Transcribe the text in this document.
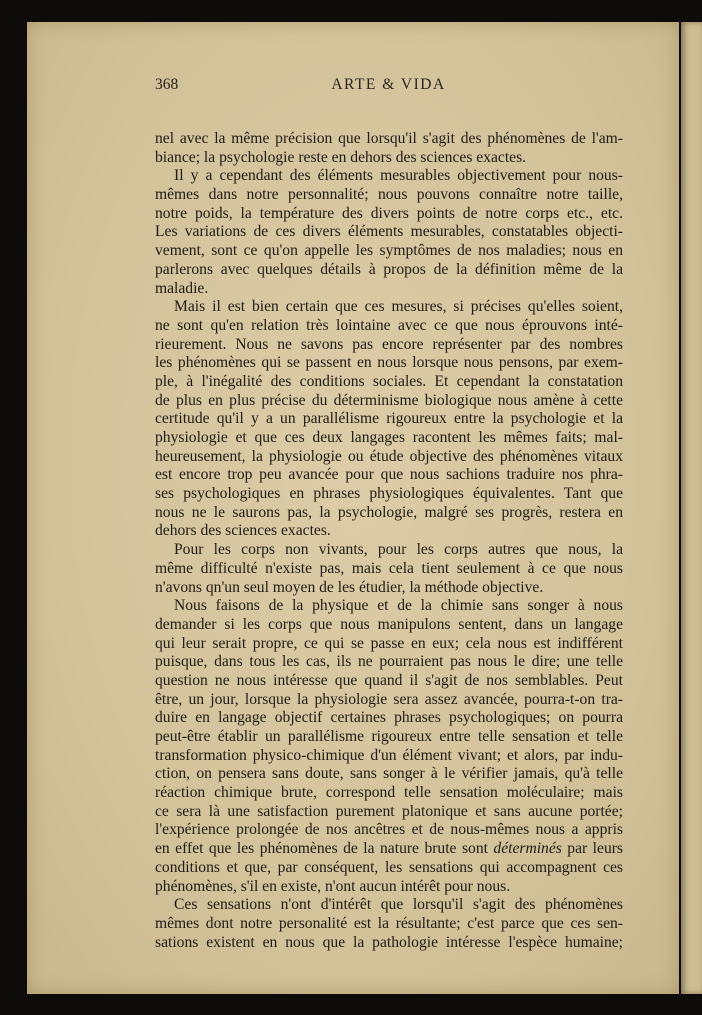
368	ARTE & VIDA
nel avec la même précision que lorsqu'il s'agit des phénomènes de l'am-
biance; la psychologie reste en dehors des sciences exactes.
Il y a cependant des éléments mesurables objectivement pour nous-
mêmes dans notre personnalité; nous pouvons connaître notre taille,
notre poids, la température des divers points de notre corps etc., etc.
Les variations de ces divers éléments mesurables, constatables objecti-
vement, sont ce qu'on appelle les symptômes de nos maladies; nous en
parlerons avec quelques détails à propos de la définition même de la
maladie.
Mais il est bien certain que ces mesures, si précises qu'elles soient,
ne sont qu'en relation très lointaine avec ce que nous éprouvons inté-
rieurement. Nous ne savons pas encore représenter par des nombres
les phénomènes qui se passent en nous lorsque nous pensons, par exem-
ple, à l'inégalité des conditions sociales. Et cependant la constatation
de plus en plus précise du déterminisme biologique nous amène à cette
certitude qu'il y a un parallélisme rigoureux entre la psychologie et la
physiologie et que ces deux langages racontent les mêmes faits; mal-
heureusement, la physiologie ou étude objective des phénomènes vitaux
est encore trop peu avancée pour que nous sachions traduire nos phra-
ses psychologiques en phrases physiologiques équivalentes. Tant que
nous ne le saurons pas, la psychologie, malgré ses progrès, restera en
dehors des sciences exactes.
Pour les corps non vivants, pour les corps autres que nous, la
même difficulté n'existe pas, mais cela tient seulement à ce que nous
n'avons qn'un seul moyen de les étudier, la méthode objective.
Nous faisons de la physique et de la chimie sans songer à nous
demander si les corps que nous manipulons sentent, dans un langage
qui leur serait propre, ce qui se passe en eux; cela nous est indifférent
puisque, dans tous les cas, ils ne pourraient pas nous le dire; une telle
question ne nous intéresse que quand il s'agit de nos semblables. Peut
être, un jour, lorsque la physiologie sera assez avancée, pourra-t-on tra-
duire en langage objectif certaines phrases psychologiques; on pourra
peut-être établir un parallélisme rigoureux entre telle sensation et telle
transformation physico-chimique d'un élément vivant; et alors, par indu-
ction, on pensera sans doute, sans songer à le vérifier jamais, qu'à telle
réaction chimique brute, correspond telle sensation moléculaire; mais
ce sera là une satisfaction purement platonique et sans aucune portée;
l'expérience prolongée de nos ancêtres et de nous-mêmes nous a appris
en effet que les phénomènes de la nature brute sont déterminés par leurs
conditions et que, par conséquent, les sensations qui accompagnent ces
phénomènes, s'il en existe, n'ont aucun intérêt pour nous.
Ces sensations n'ont d'intérêt que lorsqu'il s'agit des phénomènes
mêmes dont notre personalité est la résultante; c'est parce que ces sen-
sations existent en nous que la pathologie intéresse l'espèce humaine;
